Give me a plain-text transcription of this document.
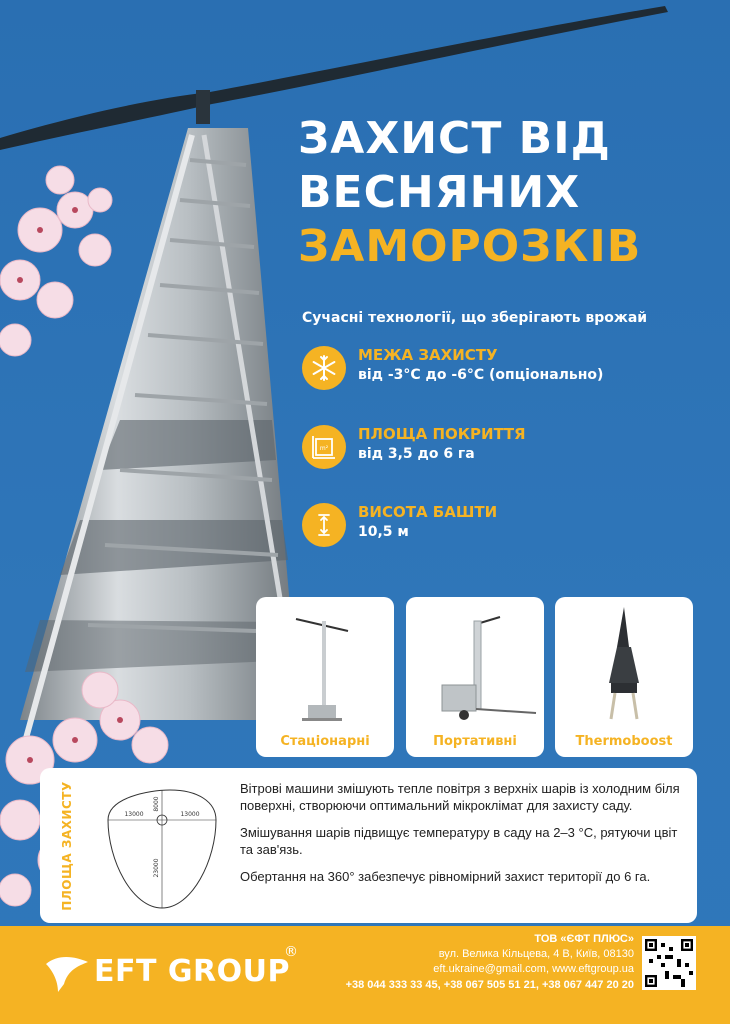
ЗАХИСТ ВІД
ВЕСНЯНИХ
ЗАМОРОЗКІВ
Сучасні технології, що зберігають врожай
МЕЖА ЗАХИСТУ
від -3°С до -6°С (опціонально)
m²
ПЛОЩА ПОКРИТТЯ
від 3,5 до 6 га
ВИСОТА БАШТИ
10,5 м
Стаціонарні	Портативні	Thermoboost
ПЛОЩА ЗАХИСТУ	13000	13000
8000
23000

Вітрові машини змішують тепле повітря з верхніх шарів із холодним біля поверхні, створюючи оптимальний мікроклімат для захисту саду.

Змішування шарів підвищує температуру в саду на 2–3 °С, рятуючи цвіт та зав'язь.

Обертання на 360° забезпечує рівномірний захист території до 6 га.

EFT GROUP
®
ТОВ «ЄФТ ПЛЮС»
вул. Велика Кільцева, 4 В, Київ, 08130
eft.ukraine@gmail.com, www.eftgroup.ua
+38 044 333 33 45, +38 067 505 51 21, +38 067 447 20 20
